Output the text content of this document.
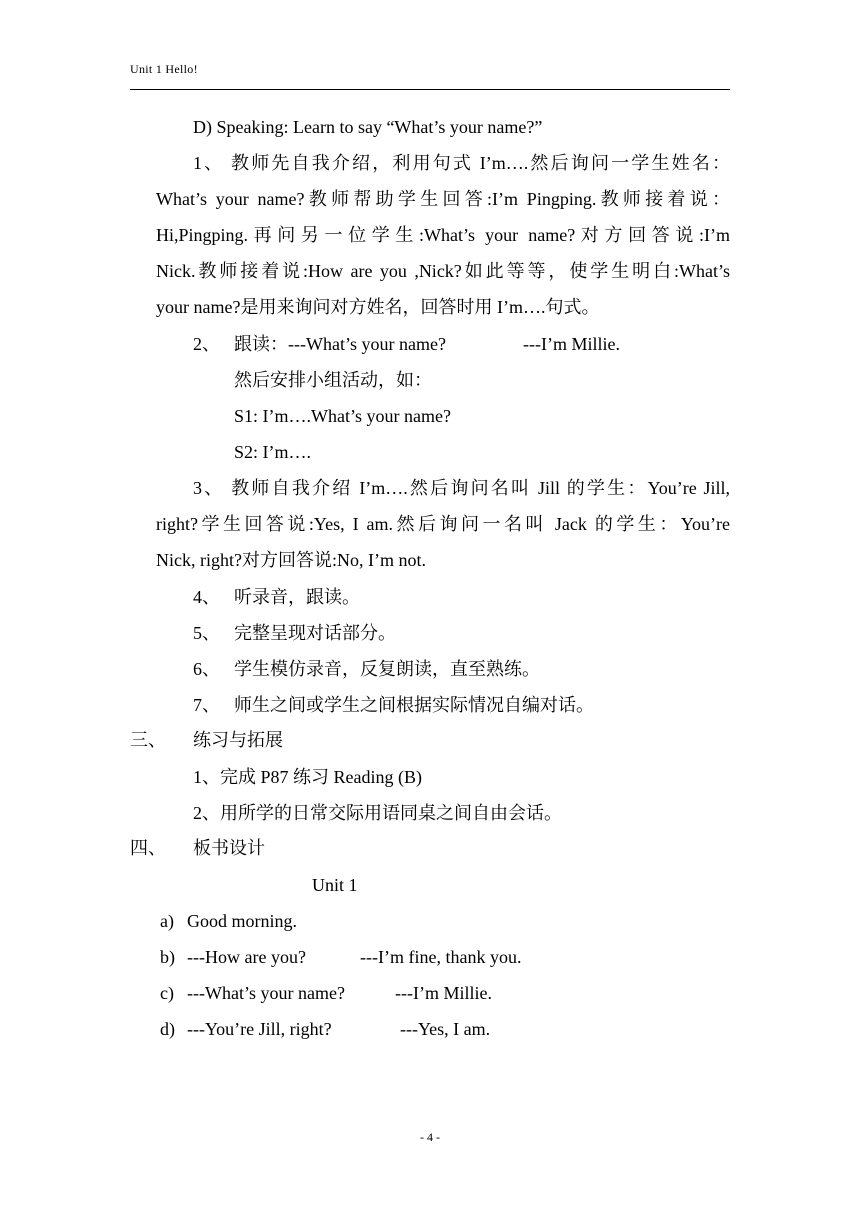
Unit 1 Hello!
D) Speaking: Learn to say “What’s your name?”
1、 教师先自我介绍，利用句式 I’m….然后询问一学生姓名：
What’s your name?教师帮助学生回答:I’m Pingping.教师接着说：
Hi,Pingping.再问另一位学生:What’s your name?对方回答说:I’m
Nick.教师接着说:How are you ,Nick?如此等等，使学生明白:What’s
your name?是用来询问对方姓名，回答时用 I’m….句式。
2、 跟读：---What’s your name?	---I’m Millie.
然后安排小组活动，如：
S1: I’m….What’s your name?
S2: I’m….
3、 教师自我介绍 I’m….然后询问名叫 Jill 的学生：You’re Jill,
right?学生回答说:Yes, I am.然后询问一名叫 Jack 的学生：You’re
Nick, right?对方回答说:No, I’m not.
4、 听录音，跟读。
5、 完整呈现对话部分。
6、 学生模仿录音，反复朗读，直至熟练。
7、 师生之间或学生之间根据实际情况自编对话。
三、 练习与拓展
1、完成 P87 练习 Reading (B)
2、用所学的日常交际用语同桌之间自由会话。
四、 板书设计
Unit 1
a) Good morning.
b) ---How are you?	---I’m fine, thank you.
c) ---What’s your name?	---I’m Millie.
d) ---You’re Jill, right?	---Yes, I am.
- 4 -
